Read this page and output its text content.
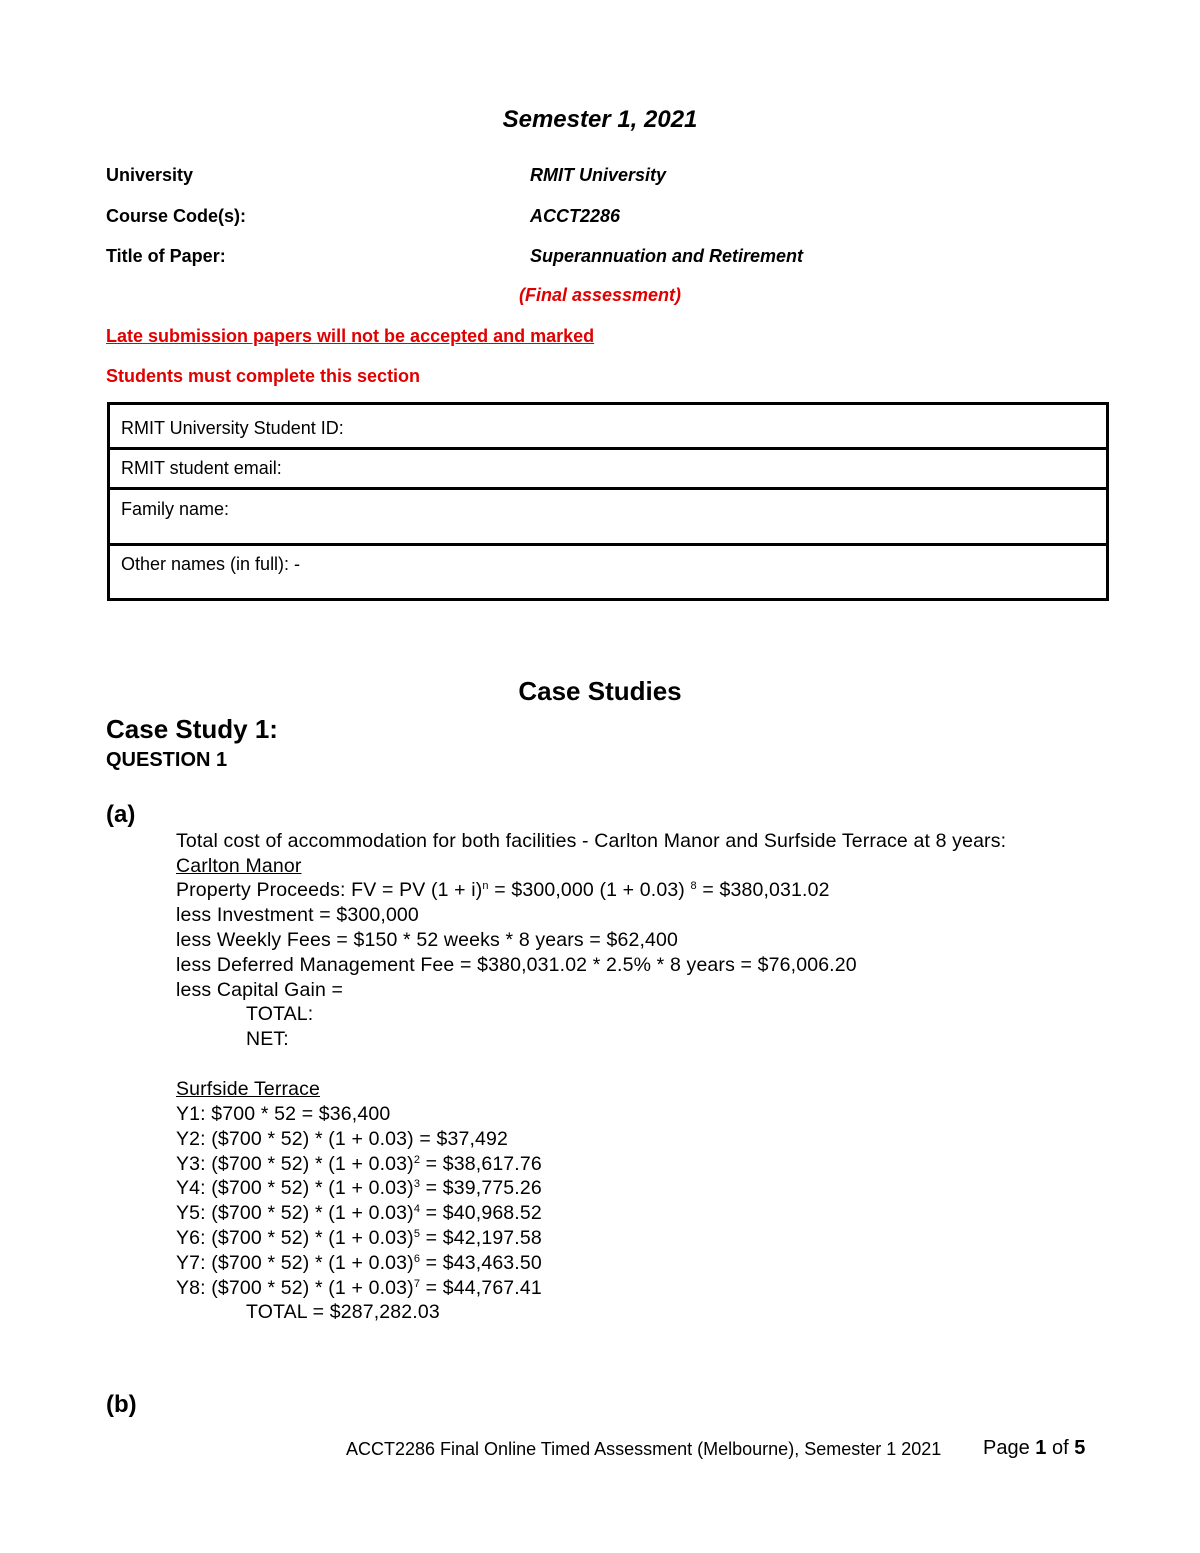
Semester 1, 2021
University	RMIT University
Course Code(s):	ACCT2286
Title of Paper:	Superannuation and Retirement
(Final assessment)
Late submission papers will not be accepted and marked
Students must complete this section
RMIT University Student ID:
RMIT student email:
Family name:
Other names (in full): -
Case Studies
Case Study 1:
QUESTION 1
(a)
Total cost of accommodation for both facilities - Carlton Manor and Surfside Terrace at 8 years:
Carlton Manor
Property Proceeds: FV = PV $(1 + i)^n$ = $300,000 (1 + 0.03) $^8$ = $380,031.02
less Investment = $300,000
less Weekly Fees = $150 * 52 weeks * 8 years = $62,400
less Deferred Management Fee = $380,031.02 * 2.5% * 8 years = $76,006.20
less Capital Gain =
TOTAL:
NET:
Surfside Terrace
Y1: $700 * 52 = $36,400
Y2: ($700 * 52) * (1 + 0.03) = $37,492
Y3: ($700 * $52) * (1 + 0.03)^2$ = $38,617.76
Y4: ($700 * $52) * (1 + 0.03)^3$ = $39,775.26
Y5: ($700 * $52) * (1 + 0.03)^4$ = $40,968.52
Y6: ($700 * $52) * (1 + 0.03)^5$ = $42,197.58
Y7: ($700 * $52) * (1 + 0.03)^6$ = $43,463.50
Y8: ($700 * $52) * (1 + 0.03)^7$ = $44,767.41
TOTAL = $287,282.03
(b)
ACCT2286 Final Online Timed Assessment (Melbourne), Semester 1 2021 Page 1 of 5
